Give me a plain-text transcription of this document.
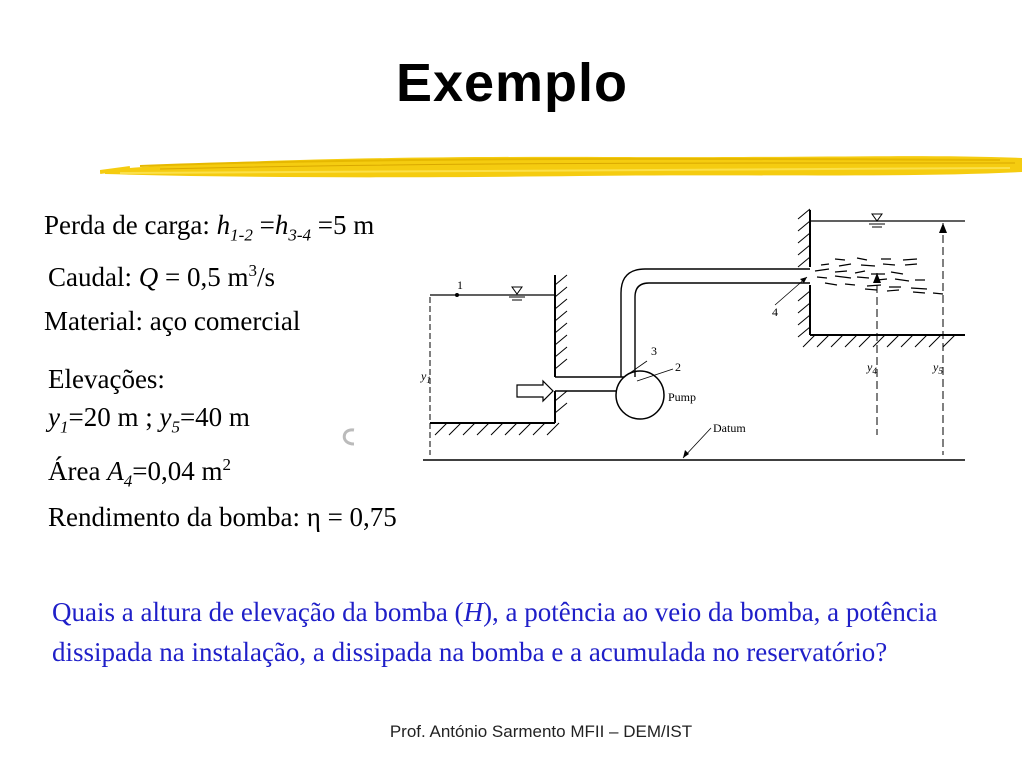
Exemplo
Perda de carga: $h_{1-2} =h_{3-4} =5$ m
Caudal: Q = 0,5 $m^3/s$
Material: aço comercial
Elevações:
$y_1=20$ m ; $y_5=40$ m
Área $A_4=0,04$ $m^2$
Rendimento da bomba: η = 0,75
1
2
3
4
Pump
Datum
$y_1$
$y_4$	$y_5$
Quais a altura de elevação da bomba (H), a potência ao veio da bomba, a potência dissipada na instalação, a dissipada na bomba e a acumulada no reservatório?
Prof. António Sarmento MFII – DEM/IST
